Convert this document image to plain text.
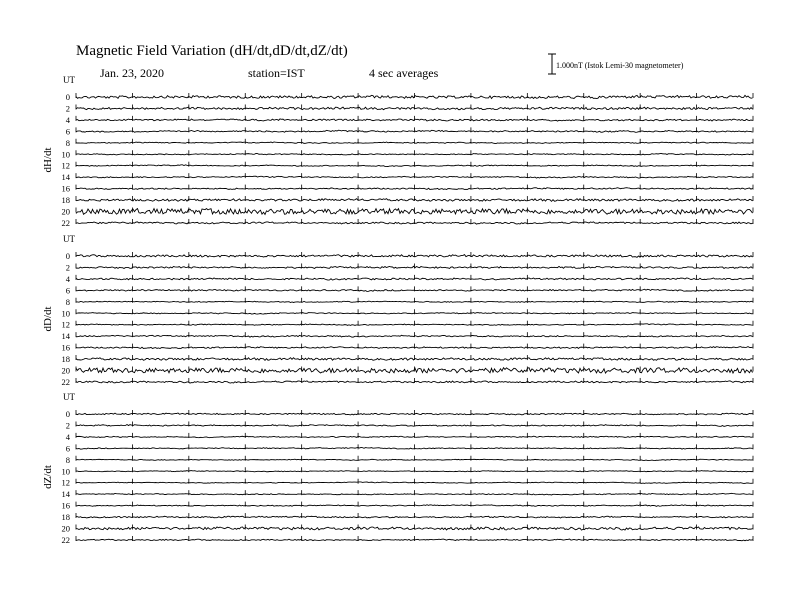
Magnetic Field Variation (dH/dt,dD/dt,dZ/dt)
Jan. 23, 2020	station=IST	4 sec averages
1.000nT (Istok Lemi-30 magnetometer)
UT
dH/dt
0
2
4
6
8
10
12
14
16
18
20
22
UT
dD/dt
0
2
4
6
8
10
12
14
16
18
20
22
UT
dZ/dt
0
2
4
6
8
10
12
14
16
18
20
22
